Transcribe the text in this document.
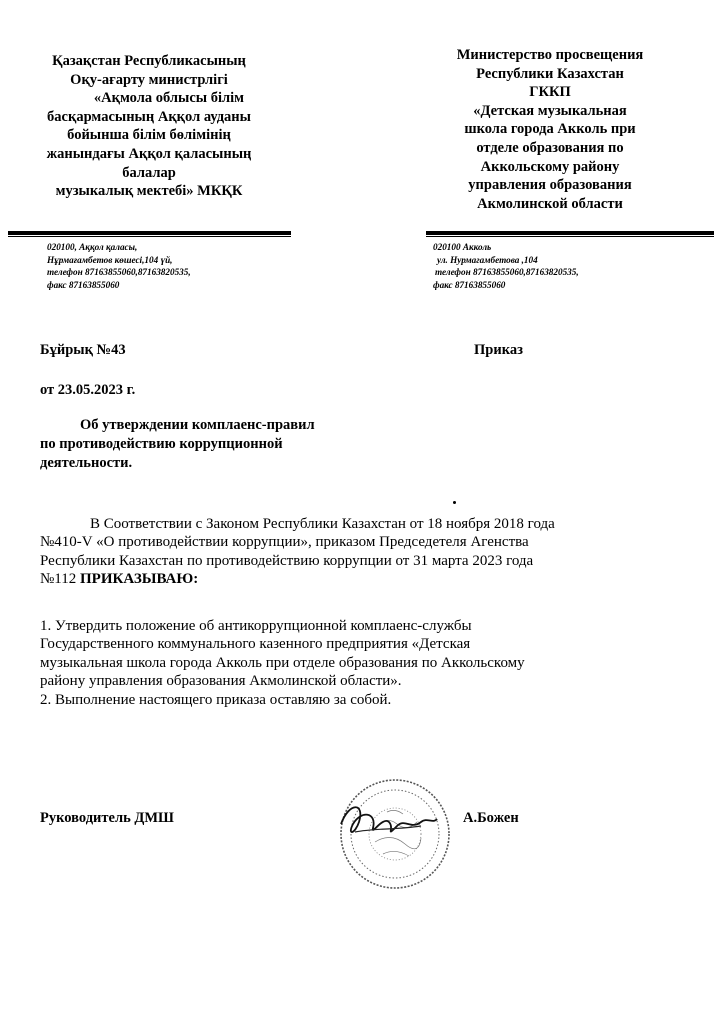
Қазақстан Республикасының
Оқу-ағарту министрлігі
«Ақмола облысы білім
басқармасының Аққол ауданы
бойынша білім бөлімінің
жанындағы Аққол қаласының
балалар
музыкалық мектебі» МКҚК
Министерство просвещения
Республики Казахстан
ГККП
«Детская музыкальная
школа города Акколь при
отделе образования по
Аккольскому району
управления образования
Акмолинской области
020100, Аққол қаласы,
Нұрмағамбетов көшесі,104 үй,
телефон 87163855060,87163820535,
факс 87163855060
020100 Акколь
ул. Нурмагамбетова ,104
телефон 87163855060,87163820535,
факс 87163855060
Бұйрық №43	Приказ
от 23.05.2023 г.
Об утверждении комплаенс-правил
по противодействию коррупционной
деятельности.
В Соответствии с Законом Республики Казахстан от 18 ноября 2018 года
№410-V «О противодействии коррупции», приказом Председетеля Агенства
Республики Казахстан по противодействию коррупции от 31 марта 2023 года
№112 ПРИКАЗЫВАЮ:
1. Утвердить положение об антикоррупционной комплаенс-службы
Государственного коммунального казенного предприятия «Детская
музыкальная школа города Акколь при отделе образования по Аккольскому
району управления образования Акмолинской области».
2. Выполнение настоящего приказа оставляю за собой.
Руководитель ДМШ	А.Божен
